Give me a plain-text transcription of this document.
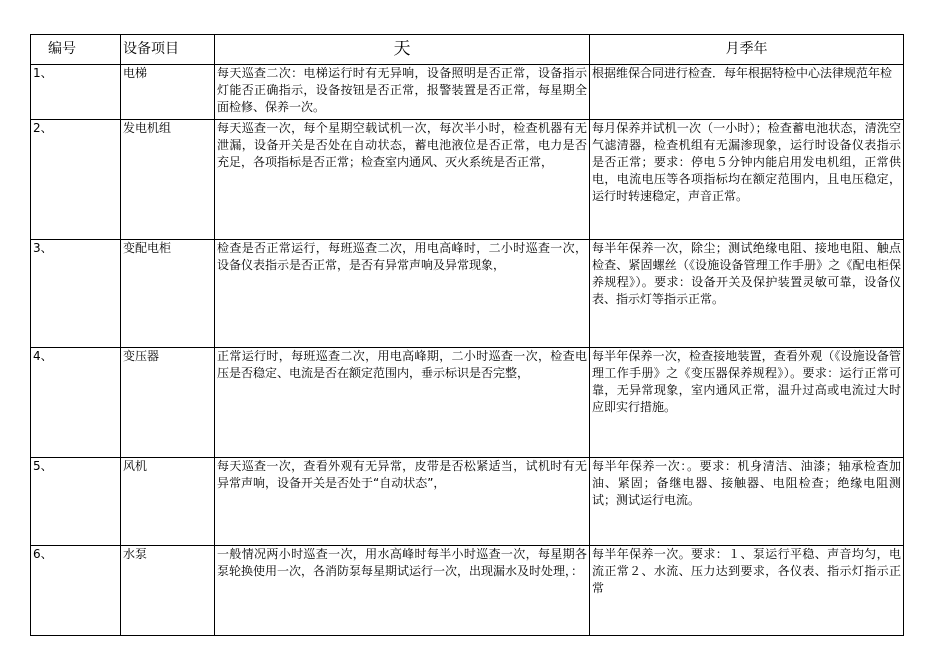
编号	设备项目	天	月季年
1、	电梯	每天巡查二次：电梯运行时有无异响，设备照明是否正常，设备指示灯能否正确指示，设备按钮是否正常，报警装置是否正常，每星期全面检修、保养一次。	根据维保合同进行检查．每年根据特检中心法律规范年检
2、	发电机组	每天巡查一次，每个星期空载试机一次，每次半小时，检查机器有无泄漏，设备开关是否处在自动状态，蓄电池液位是否正常，电力是否充足，各项指标是否正常；检查室内通风、灭火系统是否正常，	每月保养并试机一次（一小时）；检查蓄电池状态，清洗空气滤清器，检查机组有无漏渗现象，运行时设备仪表指示是否正常；要求：停电５分钟内能启用发电机组，正常供电，电流电压等各项指标均在额定范围内，且电压稳定，运行时转速稳定，声音正常。
3、	变配电柜	检查是否正常运行，每班巡查二次，用电高峰时，二小时巡查一次，设备仪表指示是否正常，是否有异常声响及异常现象，	每半年保养一次，除尘；测试绝缘电阻、接地电阻、触点检查、紧固螺丝（《设施设备管理工作手册》之《配电柜保养规程》）。要求：设备开关及保护装置灵敏可靠，设备仪表、指示灯等指示正常。
4、	变压器	正常运行时，每班巡查二次，用电高峰期，二小时巡查一次，检查电压是否稳定、电流是否在额定范围内，垂示标识是否完整，	每半年保养一次，检查接地装置，查看外观（《设施设备管理工作手册》之《变压器保养规程》）。要求：运行正常可靠，无异常现象，室内通风正常，温升过高或电流过大时应即实行措施。
5、	风机	每天巡查一次，查看外观有无异常，皮带是否松紧适当，试机时有无异常声响，设备开关是否处于“自动状态”，	每半年保养一次：。要求：机身清洁、油漆；轴承检查加油、紧固；备继电器、接触器、电阻检查；绝缘电阻测试；测试运行电流。
6、	水泵	一般情况两小时巡查一次，用水高峰时每半小时巡查一次，每星期各泵轮换使用一次，各消防泵每星期试运行一次，出现漏水及时处理，：	每半年保养一次。要求：１、泵运行平稳、声音均匀，电流正常２、水流、压力达到要求，各仪表、指示灯指示正常
